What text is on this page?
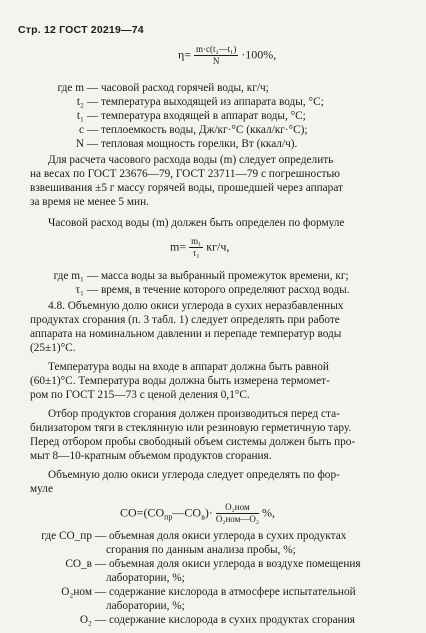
Стр. 12 ГОСТ 20219—74
$\eta= \frac{\text{m·c(t₂—t₁)}}{N} \cdot 100\%$,
где m — часовой расход горячей воды, кг/ч;
t₂ — температура выходящей из аппарата воды, °С;
t₁ — температура входящей в аппарат воды, °С;
c — теплоемкость воды, Дж/кг·°С (ккал/кг·°С);
N — тепловая мощность горелки, Вт (ккал/ч).
Для расчета часового расхода воды (m) следует определить
на весах по ГОСТ 23676—79, ГОСТ 23711—79 с погрешностью
взвешивания ±5 г массу горячей воды, прошедшей через аппарат
за время не менее 5 мин.
Часовой расход воды (m) должен быть определен по формуле
$m= \frac{\text{m₁}}{\text{τ₁}} кг/ч$,
где m₁ — масса воды за выбранный промежуток времени, кг;
τ₁ — время, в течение которого определяют расход воды.
4.8. Объемную долю окиси углерода в сухих неразбавленных
продуктах сгорания (п. 3 табл. 1) следует определять при работе
аппарата на номинальном давлении и перепаде температур воды
(25±1)°С.
Температура воды на входе в аппарат должна быть равной
(60±1)°С. Температура воды должна быть измерена термомет-
ром по ГОСТ 215—73 с ценой деления 0,1°С.
Отбор продуктов сгорания должен производиться перед ста-
билизатором тяги в стеклянную или резиновую герметичную тару.
Перед отбором пробы свободный объем системы должен быть про-
мыт 8—10-кратным объемом продуктов сгорания.
Объемную долю окиси углерода следует определять по фор-
муле
$CO=(CO_{пр}—CO_в)\cdot \frac{\text{O₂ном}}{\text{O₂ном—O₂}}$ %,
где CO_пр — объемная доля окиси углерода в сухих продуктах
сгорания по данным анализа пробы, %;
CO_в — объемная доля окиси углерода в воздухе помещения
лаборатории, %;
O₂ном — содержание кислорода в атмосфере испытательной
лаборатории, %;
O₂ — содержание кислорода в сухих продуктах сгорания
